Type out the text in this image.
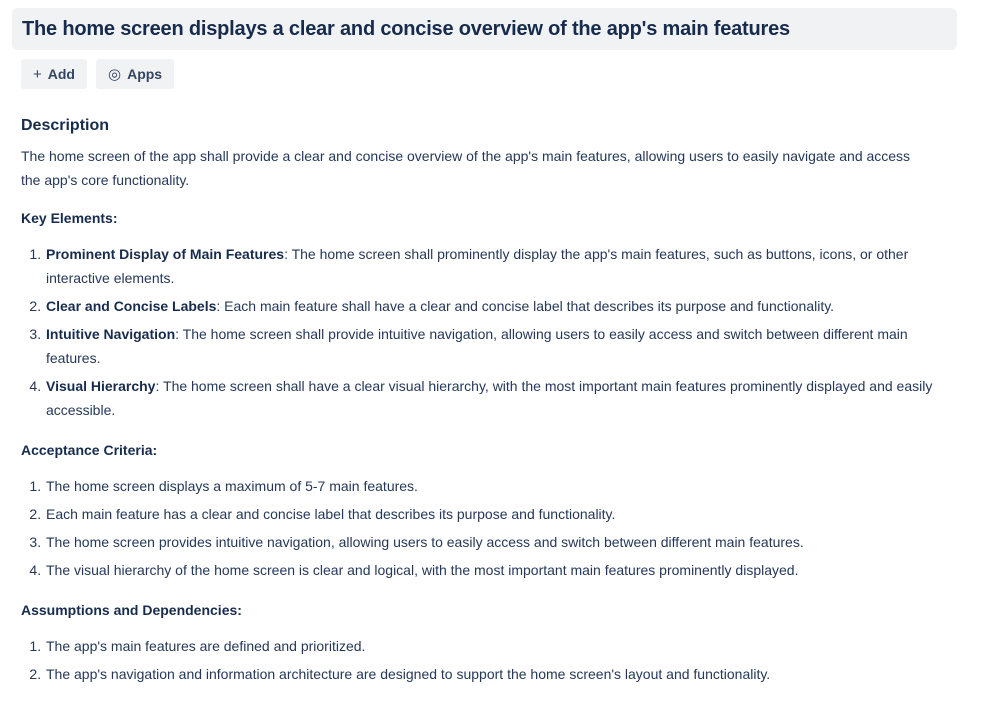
The home screen displays a clear and concise overview of the app's main features
+ Add ◎ Apps
Description

The home screen of the app shall provide a clear and concise overview of the app's main features, allowing users to easily navigate and access the app's core functionality.

Key Elements:

1. Prominent Display of Main Features: The home screen shall prominently display the app's main features, such as buttons, icons, or other interactive elements.
2. Clear and Concise Labels: Each main feature shall have a clear and concise label that describes its purpose and functionality.
3. Intuitive Navigation: The home screen shall provide intuitive navigation, allowing users to easily access and switch between different main features.
4. Visual Hierarchy: The home screen shall have a clear visual hierarchy, with the most important main features prominently displayed and easily accessible.

Acceptance Criteria:

1. The home screen displays a maximum of 5-7 main features.
2. Each main feature has a clear and concise label that describes its purpose and functionality.
3. The home screen provides intuitive navigation, allowing users to easily access and switch between different main features.
4. The visual hierarchy of the home screen is clear and logical, with the most important main features prominently displayed.

Assumptions and Dependencies:

1. The app's main features are defined and prioritized.
2. The app's navigation and information architecture are designed to support the home screen's layout and functionality.
